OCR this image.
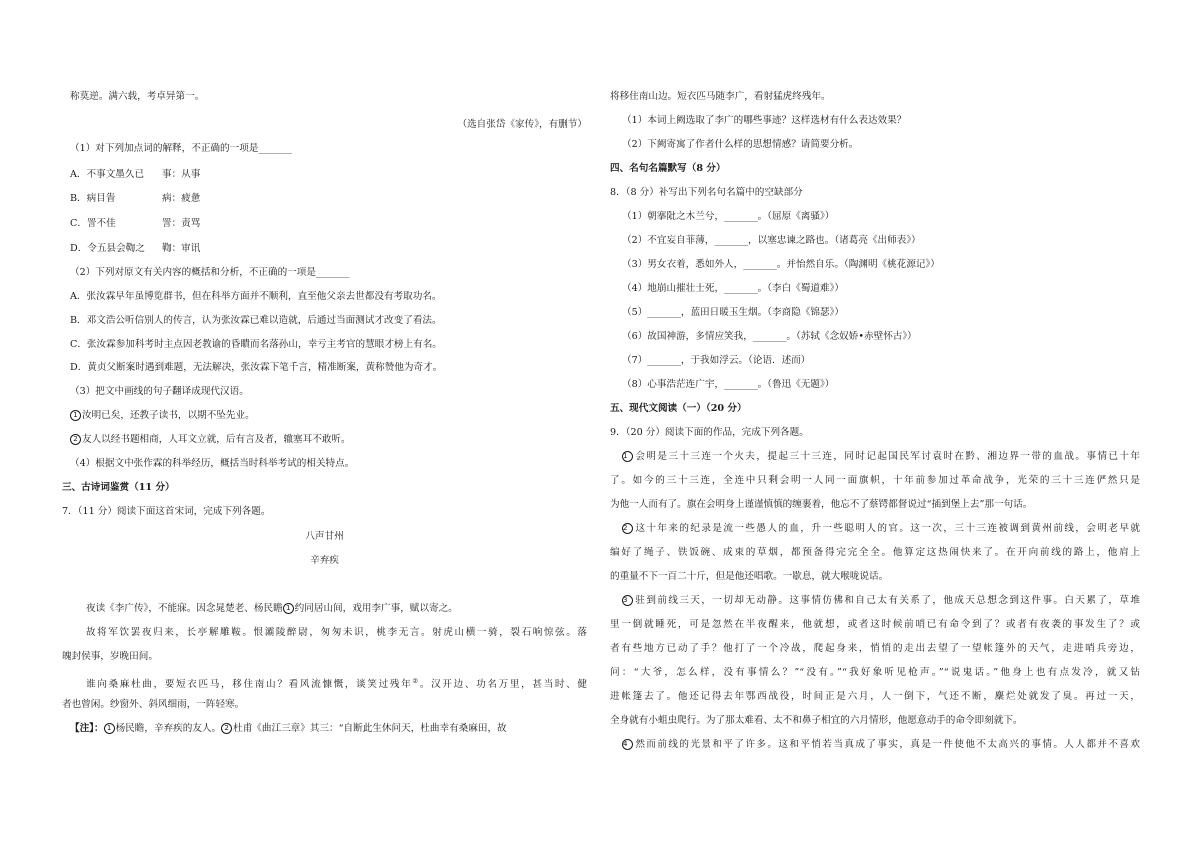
称莫逆。满六载，考卓异第一。
（选自张岱《家传》，有删节）
（1）对下列加点词的解释，不正确的一项是_______
A．不事文墨久已 事：从事
B．病目眚	病：疲惫
C．詈不佳	詈：责骂
D．令五县会鞫之 鞫：审讯
（2）下列对原文有关内容的概括和分析，不正确的一项是_______
A．张汝霖早年虽博览群书，但在科举方面并不顺利，直至他父亲去世都没有考取功名。
B．邓文浩公听信别人的传言，认为张汝霖已难以造就，后通过当面测试才改变了看法。
C．张汝霖参加科考时主点因老教谕的昏瞶而名落孙山，幸亏主考官的慧眼才榜上有名。
D．黄贞父断案时遇到难题，无法解决，张汝霖下笔千言，精准断案，黄称赞他为奇才。
（3）把文中画线的句子翻译成现代汉语。
1 汝明已矣，还教子读书，以期不坠先业。
2 友人以经书题相商，人耳文立就，后有言及者，辙塞耳不敢听。
（4）根据文中张作霖的科举经历，概括当时科举考试的相关特点。
三、古诗词鉴赏（11 分）
7．（11 分）阅读下面这首宋词，完成下列各题。
八声甘州
辛弃疾
夜读《李广传》，不能寐。因念晁楚老、杨民瞻 1 约同居山间，戏用李广事，赋以寄之。
故将军饮罢夜归来，长亭解雕鞍。恨灞陵醉尉，匆匆未识，桃李无言。射虎山横一骑，裂石响惊弦。落
魄封侯事，岁晚田间。
谁向桑麻杜曲，要短衣匹马，移住南山？看风流慷慨，谈笑过残年②。汉开边、功名万里，甚当时、健
者也曾闲。纱窗外、斜风细雨，一阵轻寒。
【注】： 1 杨民瞻，辛弃疾的友人。 2 杜甫《曲江三章》其三：“自断此生休问天，杜曲幸有桑麻田，故
将移住南山边。短衣匹马随李广，看射猛虎终残年。
（1）本词上阙选取了李广的哪些事迹？这样选材有什么表达效果？
（2）下阙寄寓了作者什么样的思想情感？请简要分析。
四、名句名篇默写（8 分）
8．（8 分）补写出下列名句名篇中的空缺部分
（1）朝搴阰之木兰兮，_______。（屈原《离骚》）
（2）不宜妄自菲薄，_______，以塞忠谏之路也。（诸葛亮《出师表》）
（3）男女衣着，悉如外人，_______。并怡然自乐。（陶渊明《桃花源记》）
（4）地崩山摧壮士死，_______。（李白《蜀道难》）
（5）_______，蓝田日暖玉生烟。（李商隐《锦瑟》）
（6）故国神游，多情应笑我，_______。（苏轼《念奴娇•赤壁怀古》）
（7）_______，于我如浮云。（论语．述而）
（8）心事浩茫连广宇，_______。（鲁迅《无题》）
五、现代文阅读（一）（20 分）
9．（20 分）阅读下面的作品，完成下列各题。
1 会明是三十三连一个火夫，提起三十三连，同时记起国民军讨袁时在黔、湘边界一带的血战。事情已十年
了。如今的三十三连，全连中只剩会明一人同一面旗帜，十年前参加过革命战争，光荣的三十三连俨然只是
为他一人而有了。旗在会明身上谨谨慎慎的缠裹着，他忘不了蔡锷都督说过“插到堡上去”那一句话。
2 这十年来的纪录是流一些愚人的血，升一些聪明人的官。这一次，三十三连被调到黄州前线，会明老早就
编好了绳子、铁饭碗、成束的草烟，都预备得完完全全。他算定这热闹快来了。在开向前线的路上，他肩上
的重量不下一百二十斤，但是他还唱歌。一歇息，就大喉咙说话。
3 驻到前线三天，一切却无动静。这事情仿佛和自己太有关系了，他成天总想念到这件事。白天累了，草堆
里一倒就睡死，可是忽然在半夜醒来，他就想，或者这时候前哨已有命令到了？或者有夜袭的事发生了？或
者有些地方已动了手？他打了一个冷战，爬起身来，悄悄的走出去望了一望帐篷外的天气，走进哨兵旁边，
问：“大爷，怎么样，没有事情么？”“没有。”“我好象听见枪声。”“说鬼话。”他身上也有点发冷，就又钻
进帐篷去了。他还记得去年鄂西战役，时间正是六月，人一倒下，气还不断，麇烂处就发了臭。再过一天，
全身就有小蛆虫爬行。为了那太难看、太不和鼻子相宜的六月情形，他愿意动手的命令即刻就下。
4 然而前线的光景和平了许多。这和平悄若当真成了事实，真是一件使他不太高兴的事情。人人都并不喜欢
